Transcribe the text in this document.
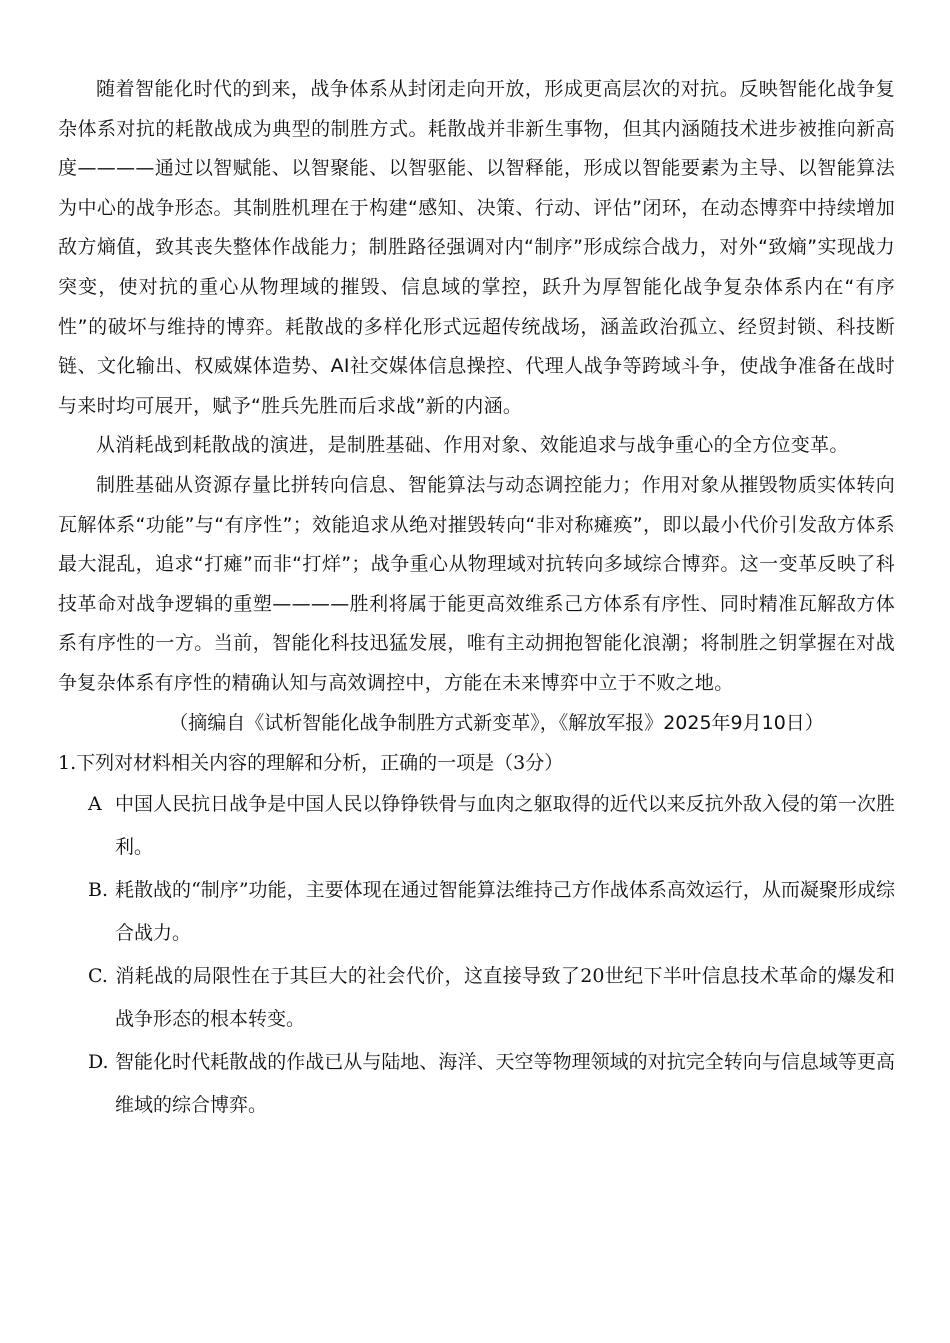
随着智能化时代的到来，战争体系从封闭走向开放，形成更高层次的对抗。反映智能化战争复杂体系对抗的耗散战成为典型的制胜方式。耗散战并非新生事物，但其内涵随技术进步被推向新高度————通过以智赋能、以智聚能、以智驱能、以智释能，形成以智能要素为主导、以智能算法为中心的战争形态。其制胜机理在于构建“感知、决策、行动、评估”闭环，在动态博弈中持续增加敌方熵值，致其丧失整体作战能力；制胜路径强调对内“制序”形成综合战力，对外“致熵”实现战力突变，使对抗的重心从物理域的摧毁、信息域的掌控，跃升为厚智能化战争复杂体系内在“有序性”的破坏与维持的博弈。耗散战的多样化形式远超传统战场，涵盖政治孤立、经贸封锁、科技断链、文化输出、权威媒体造势、AI社交媒体信息操控、代理人战争等跨域斗争，使战争准备在战时与来时均可展开，赋予“胜兵先胜而后求战”新的内涵。

从消耗战到耗散战的演进，是制胜基础、作用对象、效能追求与战争重心的全方位变革。

制胜基础从资源存量比拼转向信息、智能算法与动态调控能力；作用对象从摧毁物质实体转向瓦解体系“功能”与“有序性”；效能追求从绝对摧毁转向“非对称瘫痪”，即以最小代价引发敌方体系最大混乱，追求“打瘫”而非“打烊”；战争重心从物理域对抗转向多域综合博弈。这一变革反映了科技革命对战争逻辑的重塑————胜利将属于能更高效维系己方体系有序性、同时精准瓦解敌方体系有序性的一方。当前，智能化科技迅猛发展，唯有主动拥抱智能化浪潮；将制胜之钥掌握在对战争复杂体系有序性的精确认知与高效调控中，方能在未来博弈中立于不败之地。

（摘编自《试析智能化战争制胜方式新变革》，《解放军报》2025年9月10日）

1.下列对材料相关内容的理解和分析，正确的一项是（3分）

A 中国人民抗日战争是中国人民以铮铮铁骨与血肉之躯取得的近代以来反抗外敌入侵的第一次胜利。
B. 耗散战的“制序”功能，主要体现在通过智能算法维持己方作战体系高效运行，从而凝聚形成综合战力。
C. 消耗战的局限性在于其巨大的社会代价，这直接导致了20世纪下半叶信息技术革命的爆发和战争形态的根本转变。
D. 智能化时代耗散战的作战已从与陆地、海洋、天空等物理领域的对抗完全转向与信息域等更高维域的综合博弈。
